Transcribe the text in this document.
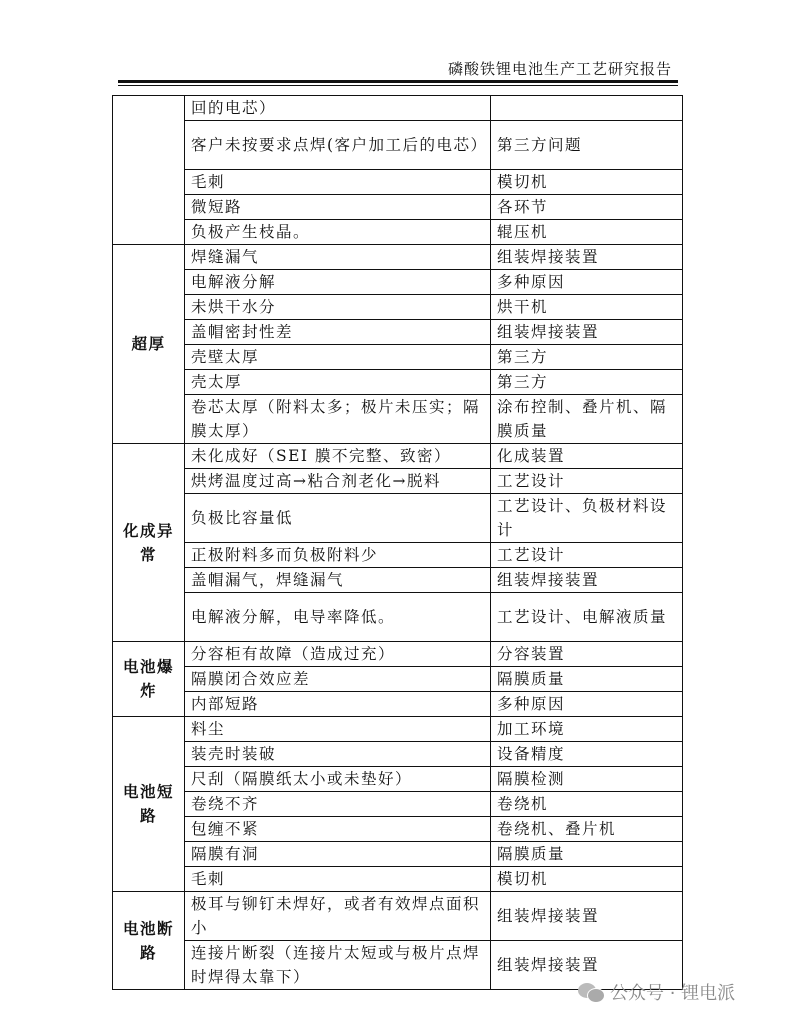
磷酸铁锂电池生产工艺研究报告
	回的电芯）	
	客户未按要求点焊(客户加工后的电芯）	第三方问题
	毛刺	模切机
	微短路	各环节
	负极产生枝晶。	辊压机
超厚	焊缝漏气	组装焊接装置
	电解液分解	多种原因
	未烘干水分	烘干机
	盖帽密封性差	组装焊接装置
	壳壁太厚	第三方
	壳太厚	第三方
	卷芯太厚（附料太多；极片未压实；隔膜太厚）	涂布控制、叠片机、隔膜质量
化成异常	未化成好（SEI 膜不完整、致密）	化成装置
	烘烤温度过高→粘合剂老化→脱料	工艺设计
	负极比容量低	工艺设计、负极材料设计
	正极附料多而负极附料少	工艺设计
	盖帽漏气，焊缝漏气	组装焊接装置
	电解液分解，电导率降低。	工艺设计、电解液质量
电池爆炸	分容柜有故障（造成过充）	分容装置
	隔膜闭合效应差	隔膜质量
	内部短路	多种原因
电池短路	料尘	加工环境
	装壳时装破	设备精度
	尺刮（隔膜纸太小或未垫好）	隔膜检测
	卷绕不齐	卷绕机
	包缠不紧	卷绕机、叠片机
	隔膜有洞	隔膜质量
	毛刺	模切机
电池断路	极耳与铆钉未焊好，或者有效焊点面积小	组装焊接装置
	连接片断裂（连接片太短或与极片点焊时焊得太靠下）	组装焊接装置
公众号 · 锂电派
